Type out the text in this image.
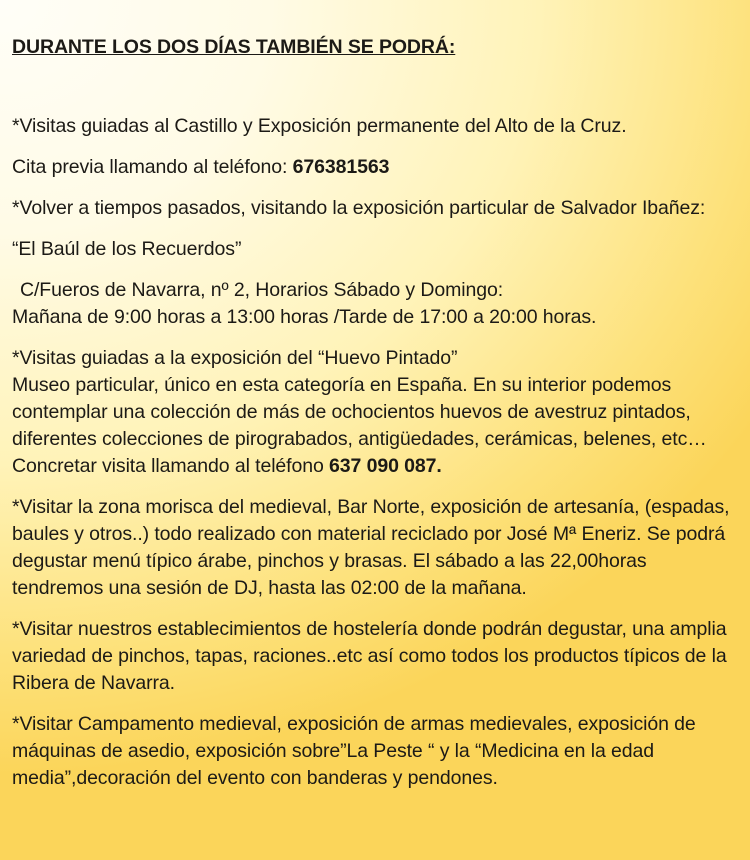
DURANTE LOS DOS DÍAS TAMBIÉN SE PODRÁ:

*Visitas guiadas al Castillo y Exposición permanente del Alto de la Cruz.

Cita previa llamando al teléfono: 676381563

*Volver a tiempos pasados, visitando la exposición particular de Salvador Ibañez:

“El Baúl de los Recuerdos”

C/Fueros de Navarra, nº 2, Horarios Sábado y Domingo:
Mañana de 9:00 horas a 13:00 horas /Tarde de 17:00 a 20:00 horas.

*Visitas guiadas a la exposición del “Huevo Pintado”
Museo particular, único en esta categoría en España. En su interior podemos contemplar una colección de más de ochocientos huevos de avestruz pintados, diferentes colecciones de pirograbados, antigüedades, cerámicas, belenes, etc… Concretar visita llamando al teléfono 637 090 087.

*Visitar la zona morisca del medieval, Bar Norte, exposición de artesanía, (espadas, baules y otros..) todo realizado con material reciclado por José Mª Eneriz. Se podrá degustar menú típico árabe, pinchos y brasas. El sábado a las 22,00horas tendremos una sesión de DJ, hasta las 02:00 de la mañana.

*Visitar nuestros establecimientos de hostelería donde podrán degustar, una amplia variedad de pinchos, tapas, raciones..etc así como todos los productos típicos de la Ribera de Navarra.

*Visitar Campamento medieval, exposición de armas medievales, exposición de máquinas de asedio, exposición sobre”La Peste “ y la “Medicina en la edad media”,decoración del evento con banderas y pendones.
